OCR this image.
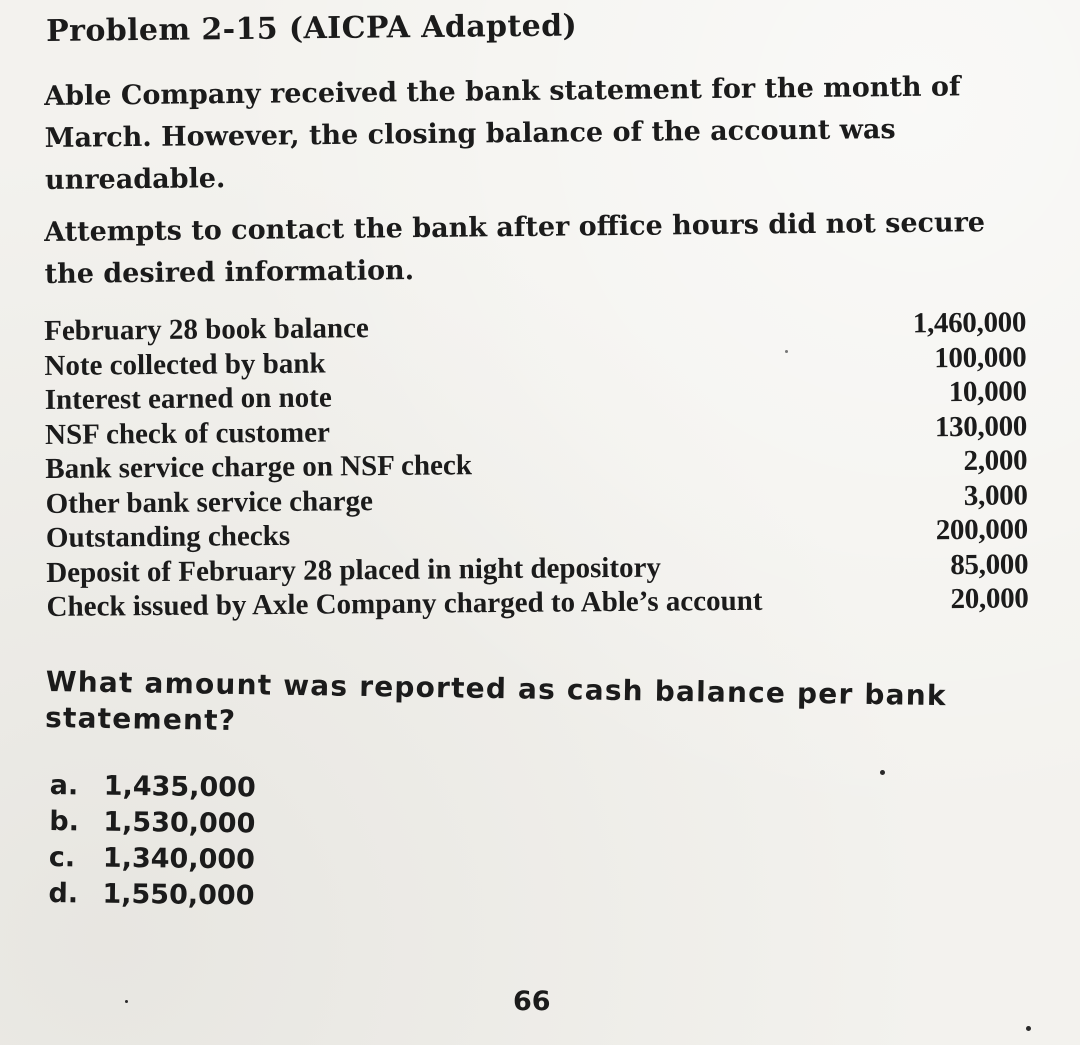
Problem 2-15 (AICPA Adapted)

Able Company received the bank statement for the month of March. However, the closing balance of the account was unreadable.

Attempts to contact the bank after office hours did not secure the desired information.

February 28 book balance	1,460,000
Note collected by bank	100,000
Interest earned on note	10,000
NSF check of customer	130,000
Bank service charge on NSF check	2,000
Other bank service charge	3,000
Outstanding checks	200,000
Deposit of February 28 placed in night depository	85,000
Check issued by Axle Company charged to Able’s account	20,000

What amount was reported as cash balance per bank statement?

a. 1,435,000
b. 1,530,000
c. 1,340,000
d. 1,550,000
66
